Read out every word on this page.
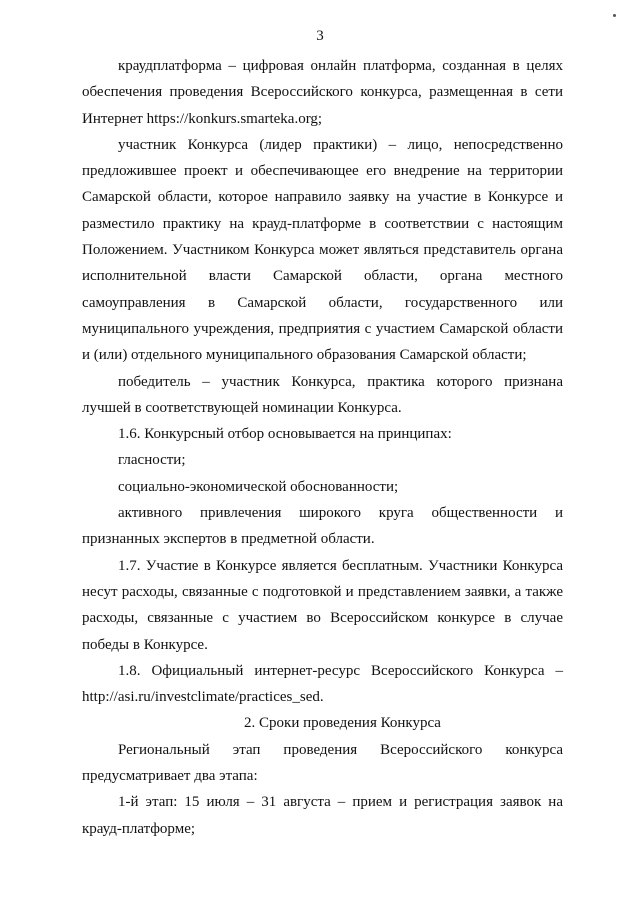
3

краудплатформа – цифровая онлайн платформа, созданная в целях обеспечения проведения Всероссийского конкурса, размещенная в сети Интернет https://konkurs.smarteka.org;

участник Конкурса (лидер практики) – лицо, непосредственно предложившее проект и обеспечивающее его внедрение на территории Самарской области, которое направило заявку на участие в Конкурсе и разместило практику на крауд-платформе в соответствии с настоящим Положением. Участником Конкурса может являться представитель органа исполнительной власти Самарской области, органа местного самоуправления в Самарской области, государственного или муниципального учреждения, предприятия с участием Самарской области и (или) отдельного муниципального образования Самарской области;

победитель – участник Конкурса, практика которого признана лучшей в соответствующей номинации Конкурса.

1.6. Конкурсный отбор основывается на принципах:

гласности;

социально-экономической обоснованности;

активного привлечения широкого круга общественности и признанных экспертов в предметной области.

1.7. Участие в Конкурсе является бесплатным. Участники Конкурса несут расходы, связанные с подготовкой и представлением заявки, а также расходы, связанные с участием во Всероссийском конкурсе в случае победы в Конкурсе.

1.8. Официальный интернет-ресурс Всероссийского Конкурса – http://asi.ru/investclimate/practices_sed.

2. Сроки проведения Конкурса

Региональный этап проведения Всероссийского конкурса предусматривает два этапа:

1-й этап: 15 июля – 31 августа – прием и регистрация заявок на крауд-платформе;
